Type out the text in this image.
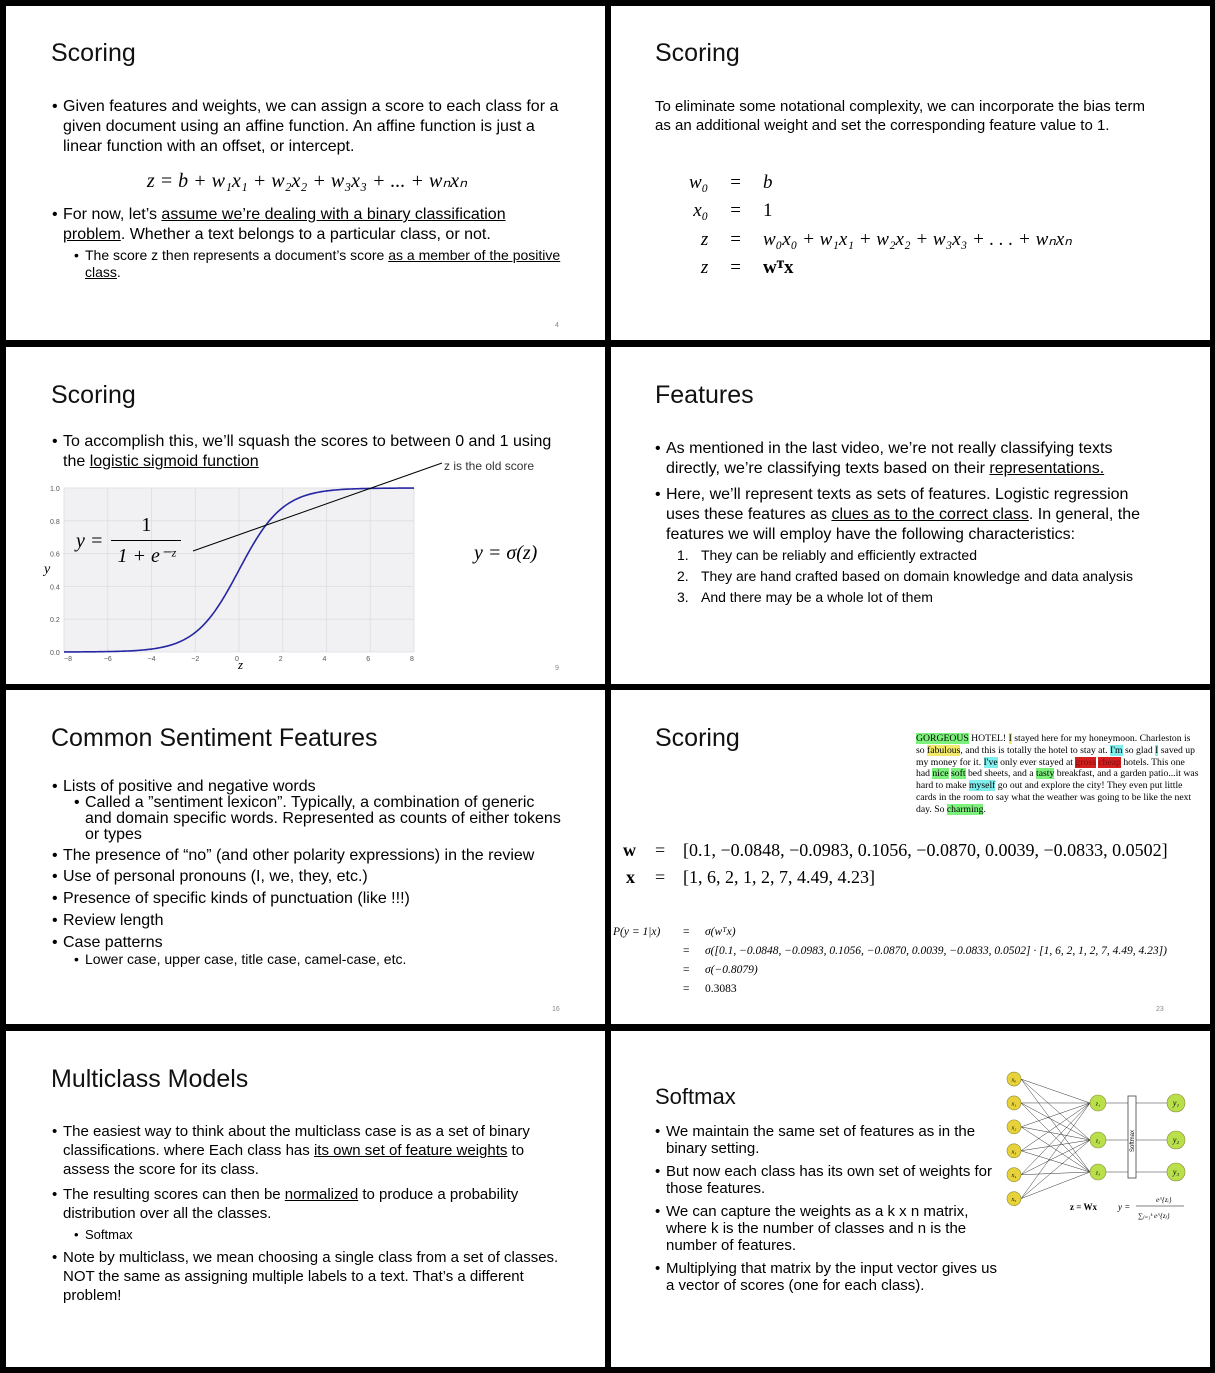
Scoring
• Given features and weights, we can assign a score to each class for a given document using an affine function. An affine function is just a linear function with an offset, or intercept.
z = b + w₁x₁ + w₂x₂ + w₃x₃ + ... + wₙxₙ
• For now, let’s assume we’re dealing with a binary classification problem. Whether a text belongs to a particular class, or not.
• The score z then represents a document’s score as a member of the positive class.
4
Scoring
To eliminate some notational complexity, we can incorporate the bias term as an additional weight and set the corresponding feature value to 1.
w₀	=	b
x₀	=	1
z	=	w₀x₀ + w₁x₁ + w₂x₂ + w₃x₃ + . . . + wₙxₙ
z	=	wᵀx
Scoring
• To accomplish this, we’ll squash the scores to between 0 and 1 using the logistic sigmoid function
−8	−6	−4	−2	0	2	4	6	8
0.0
0.2
0.4
0.6
0.8
1.0
z is the old score
y
z
$y = \frac{1}{\text{1 + e⁻ᶻ}}$	y = σ(z)
9
Features
• As mentioned in the last video, we’re not really classifying texts directly, we’re classifying texts based on their representations.
• Here, we’ll represent texts as sets of features. Logistic regression uses these features as clues as to the correct class. In general, the features we will employ have the following characteristics:
1. They can be reliably and efficiently extracted
2. They are hand crafted based on domain knowledge and data analysis
3. And there may be a whole lot of them
Common Sentiment Features
• Lists of positive and negative words
• Called a ”sentiment lexicon”. Typically, a combination of generic and domain specific words. Represented as counts of either tokens or types
• The presence of “no” (and other polarity expressions) in the review
• Use of personal pronouns (I, we, they, etc.)
• Presence of specific kinds of punctuation (like !!!)
• Review length
• Case patterns
• Lower case, upper case, title case, camel-case, etc.
16
Scoring	GORGEOUS HOTEL! I stayed here for my honeymoon. Charleston is so fabulous, and this is totally the hotel to stay at. I'm so glad I saved up my money for it. I've only ever stayed at gross cheap hotels. This one had nice soft bed sheets, and a tasty breakfast, and a garden patio...it was hard to make myself go out and explore the city! They even put little cards in the room to say what the weather was going to be like the next day. So charming.
w = [0.1, −0.0848, −0.0983, 0.1056, −0.0870, 0.0039, −0.0833, 0.0502]
x = [1, 6, 2, 1, 2, 7, 4.49, 4.23]
P(y = 1|x) = σ(wᵀx)
= σ([0.1, −0.0848, −0.0983, 0.1056, −0.0870, 0.0039, −0.0833, 0.0502] · [1, 6, 2, 1, 2, 7, 4.49, 4.23])
= σ(−0.8079)
= 0.3083
23
Multiclass Models
• The easiest way to think about the multiclass case is as a set of binary classifications. where Each class has its own set of feature weights to assess the score for its class.
• The resulting scores can then be normalized to produce a probability distribution over all the classes.
• Softmax
• Note by multiclass, we mean choosing a single class from a set of classes. NOT the same as assigning multiple labels to a text. That’s a different problem!
Softmax
• We maintain the same set of features as in the binary setting.
• But now each class has its own set of weights for those features.
• We can capture the weights as a k x n matrix, where k is the number of classes and n is the number of features.
• Multiplying that matrix by the input vector gives us a vector of scores (one for each class).
Softmax
x₀
x₁
x₂
x₃
x₄
x₅
z₁
z₂
z₃
y₁
y₂
y₃
z = Wx y =
e^{zᵢ}
∑ⱼ₌₁ᵏ e^{zⱼ}
